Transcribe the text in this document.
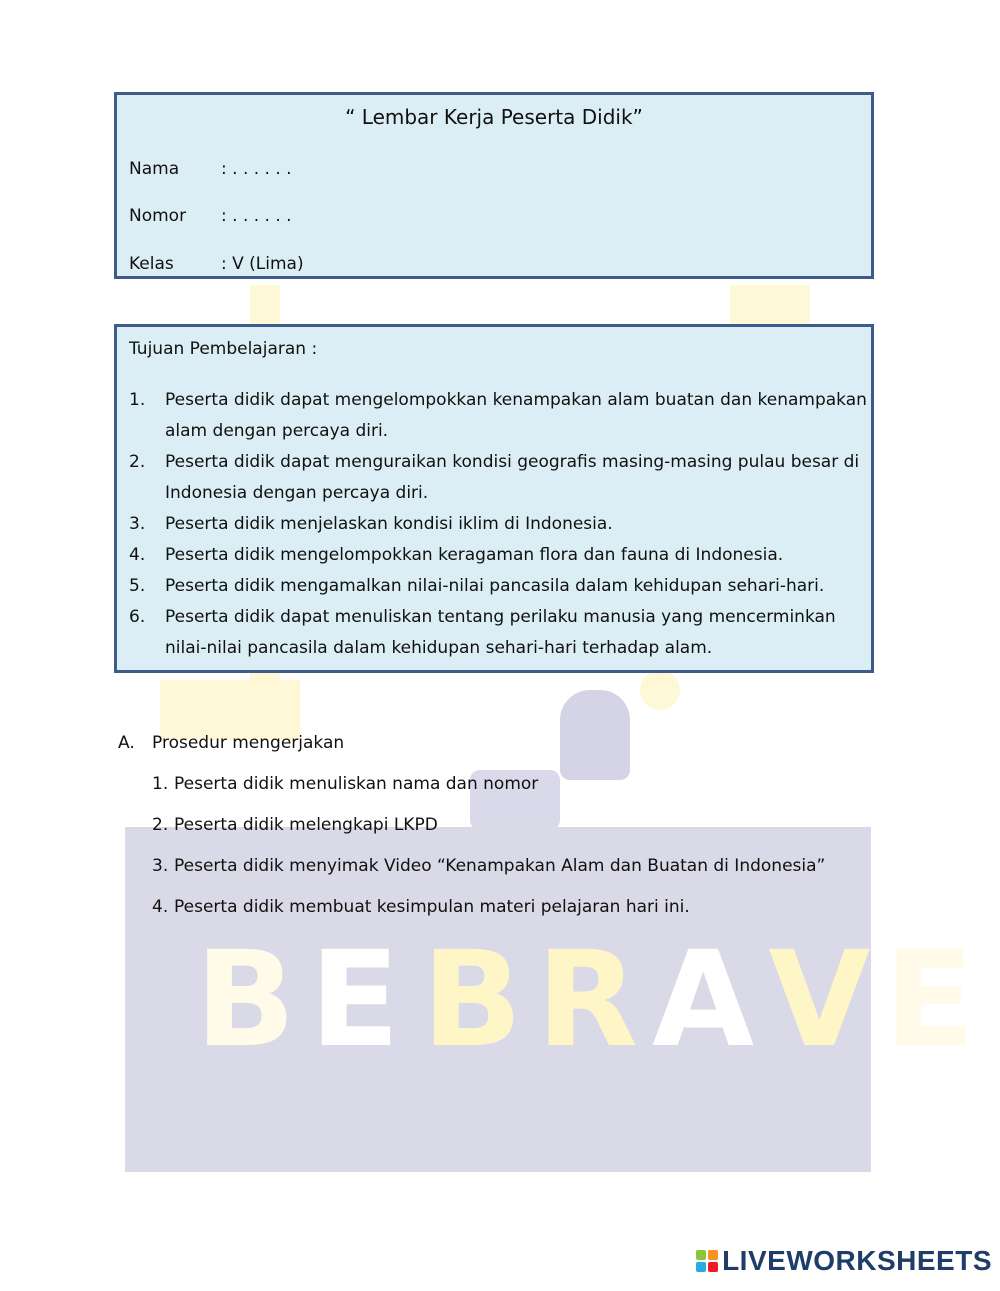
B E B R A V E
“ Lembar Kerja Peserta Didik”
Nama	: . . . . . .
Nomor	: . . . . . .
Kelas	: V (Lima)
Tujuan Pembelajaran :
1.	Peserta didik dapat mengelompokkan kenampakan alam buatan dan kenampakan alam dengan percaya diri.
2.	Peserta didik dapat menguraikan kondisi geografis masing-masing pulau besar di Indonesia dengan percaya diri.
3.	Peserta didik menjelaskan kondisi iklim di Indonesia.
4.	Peserta didik mengelompokkan keragaman flora dan fauna di Indonesia.
5.	Peserta didik mengamalkan nilai-nilai pancasila dalam kehidupan sehari-hari.
6.	Peserta didik dapat menuliskan tentang perilaku manusia yang mencerminkan nilai-nilai pancasila dalam kehidupan sehari-hari terhadap alam.
A.	Prosedur mengerjakan
1. Peserta didik menuliskan nama dan nomor
2. Peserta didik melengkapi LKPD
3. Peserta didik menyimak Video “Kenampakan Alam dan Buatan di Indonesia”
4. Peserta didik membuat kesimpulan materi pelajaran hari ini.
LIVEWORKSHEETS
